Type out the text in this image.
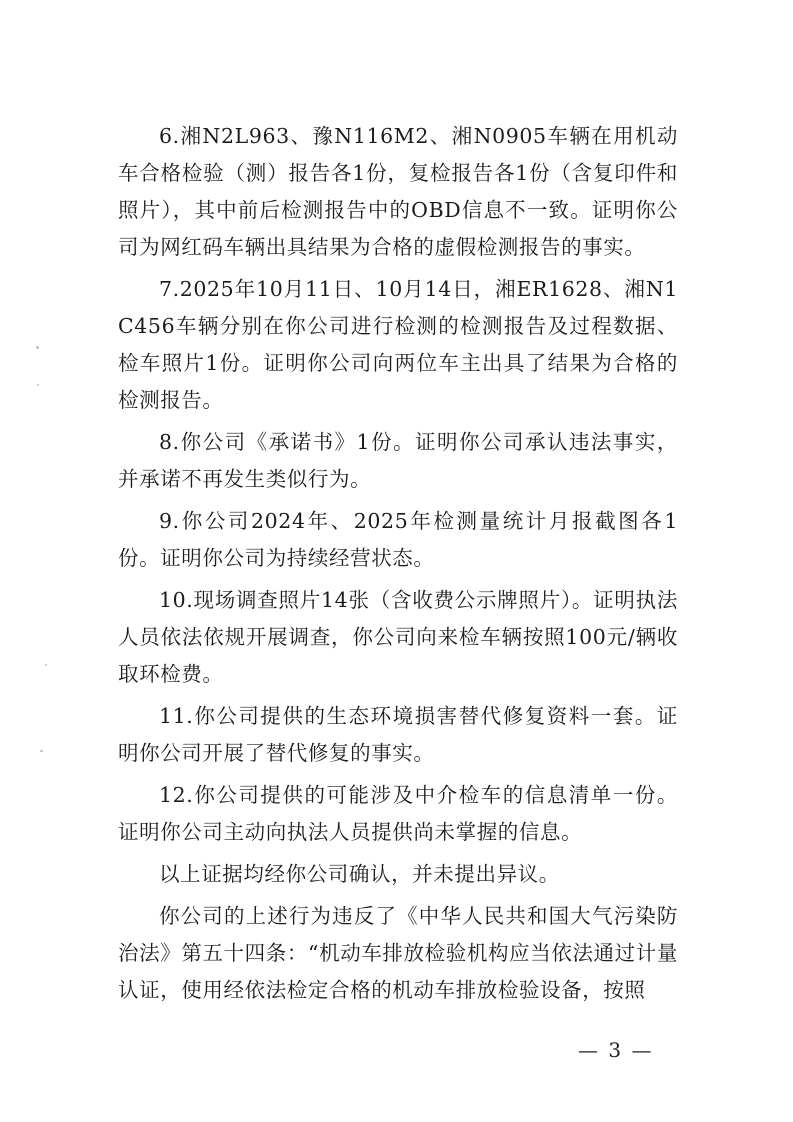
6.湘N2L963、豫N116M2、湘N0905车辆在用机动车合格检验（测）报告各1份，复检报告各1份（含复印件和照片），其中前后检测报告中的OBD信息不一致。证明你公司为网红码车辆出具结果为合格的虚假检测报告的事实。

7.2025年10月11日、10月14日，湘ER1628、湘N1C456车辆分别在你公司进行检测的检测报告及过程数据、检车照片1份。证明你公司向两位车主出具了结果为合格的检测报告。

8.你公司《承诺书》1份。证明你公司承认违法事实，并承诺不再发生类似行为。

9.你公司2024年、2025年检测量统计月报截图各1份。证明你公司为持续经营状态。

10.现场调查照片14张（含收费公示牌照片）。证明执法人员依法依规开展调查，你公司向来检车辆按照100元/辆收取环检费。

11.你公司提供的生态环境损害替代修复资料一套。证明你公司开展了替代修复的事实。

12.你公司提供的可能涉及中介检车的信息清单一份。证明你公司主动向执法人员提供尚未掌握的信息。

以上证据均经你公司确认，并未提出异议。

你公司的上述行为违反了《中华人民共和国大气污染防治法》第五十四条：“机动车排放检验机构应当依法通过计量认证，使用经依法检定合格的机动车排放检验设备，按照

— 3 —
